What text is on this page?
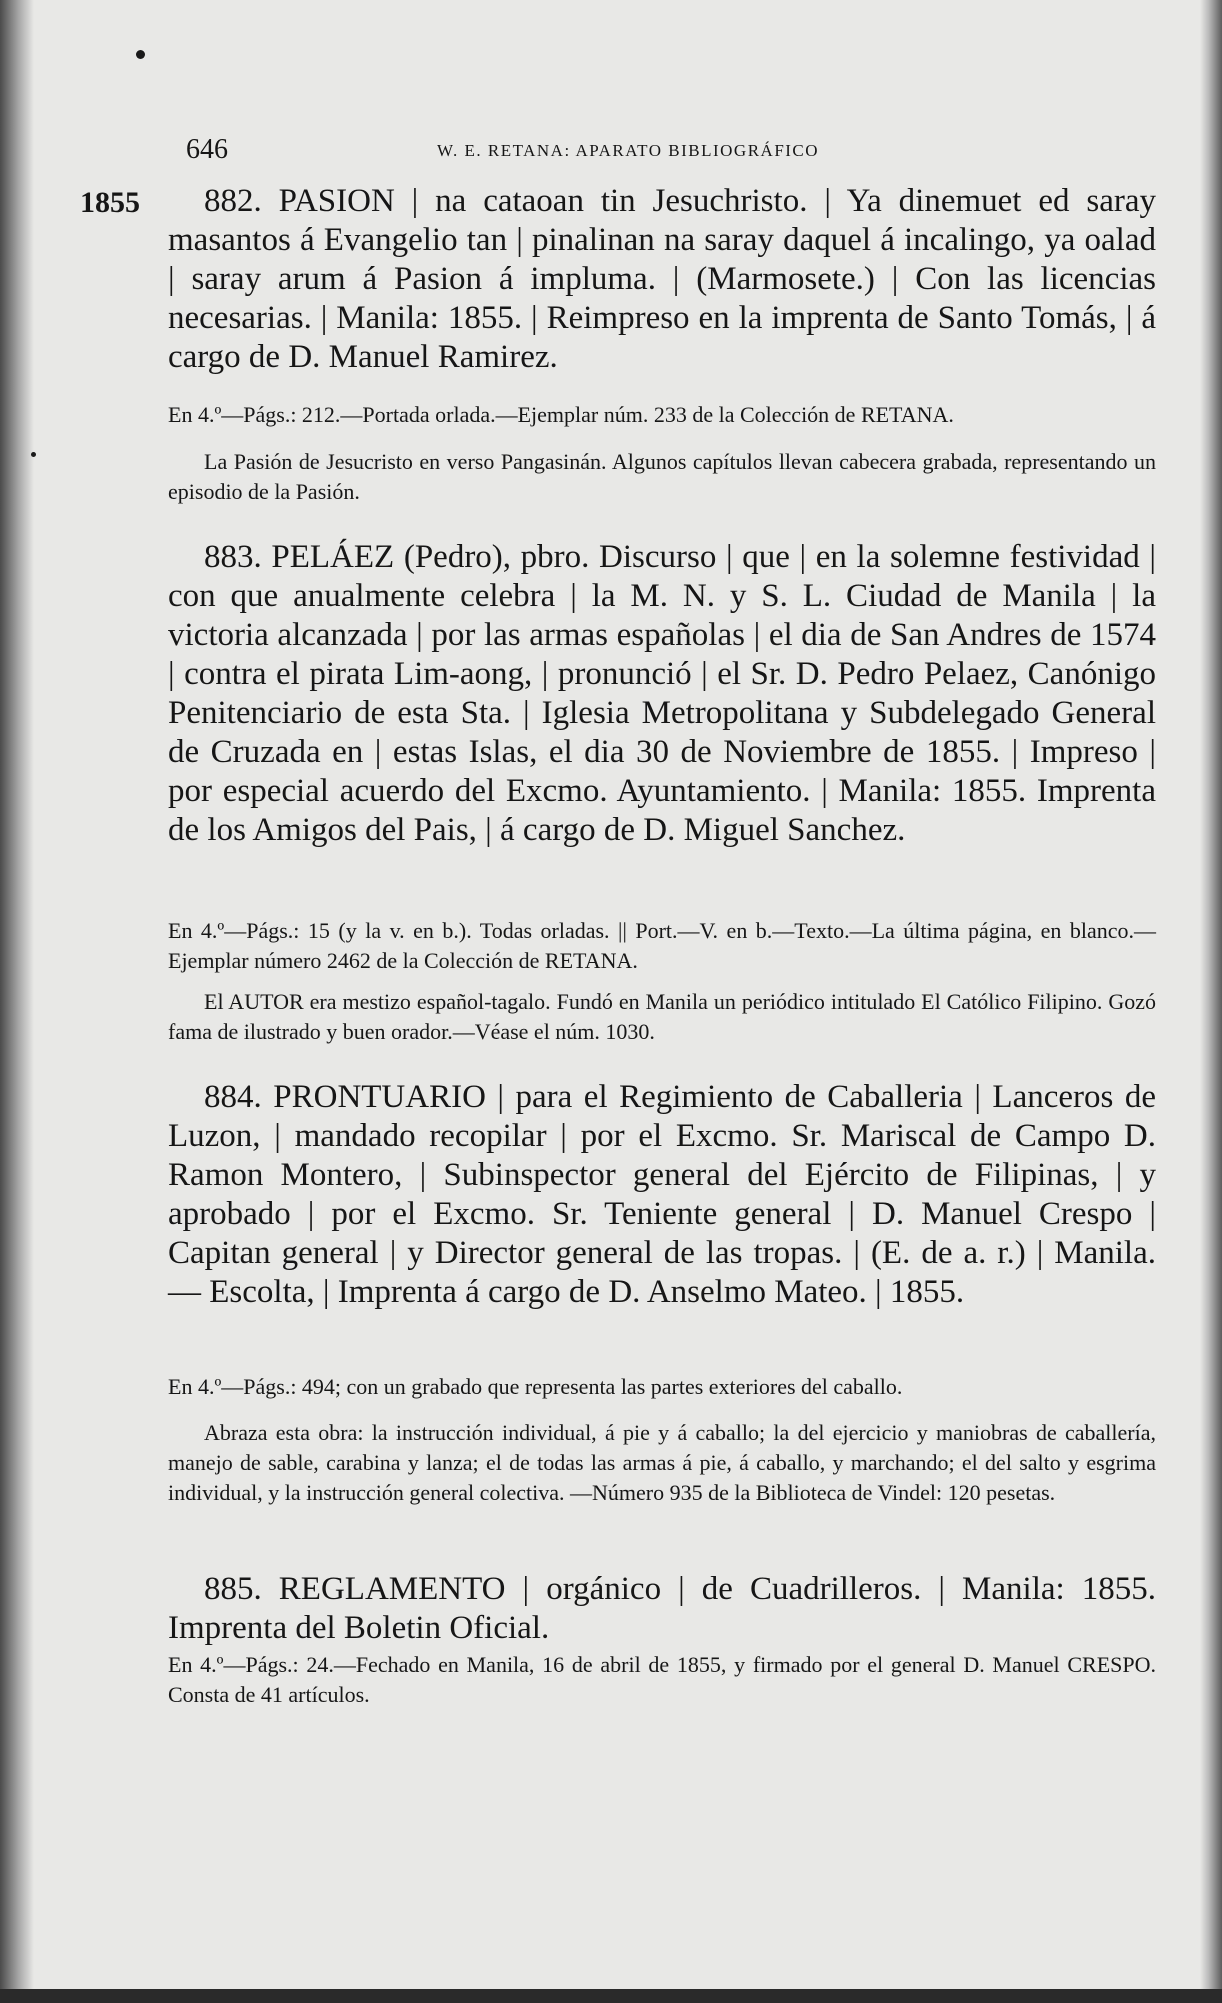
646	W. E. RETANA: APARATO BIBLIOGRÁFICO
1855	882. PASION | na cataoan tin Jesuchristo. | Ya dinemuet ed saray masantos á Evangelio tan | pinalinan na saray daquel á incalingo, ya oalad | saray arum á Pasion á impluma. | (Marmosete.) | Con las licencias necesarias. | Manila: 1855. | Reimpreso en la imprenta de Santo Tomás, | á cargo de D. Manuel Ramirez.
En 4.º—Págs.: 212.—Portada orlada.—Ejemplar núm. 233 de la Colección de RETANA.
La Pasión de Jesucristo en verso Pangasinán. Algunos capítulos llevan cabecera grabada, representando un episodio de la Pasión.
883. PELÁEZ (Pedro), pbro. Discurso | que | en la solemne festividad | con que anualmente celebra | la M. N. y S. L. Ciudad de Manila | la victoria alcanzada | por las armas españolas | el dia de San Andres de 1574 | contra el pirata Lim-aong, | pronunció | el Sr. D. Pedro Pelaez, Canónigo Penitenciario de esta Sta. | Iglesia Metropolitana y Subdelegado General de Cruzada en | estas Islas, el dia 30 de Noviembre de 1855. | Impreso | por especial acuerdo del Excmo. Ayuntamiento. | Manila: 1855. Imprenta de los Amigos del Pais, | á cargo de D. Miguel Sanchez.
En 4.º—Págs.: 15 (y la v. en b.). Todas orladas. || Port.—V. en b.—Texto.—La última página, en blanco.—Ejemplar número 2462 de la Colección de RETANA.
El AUTOR era mestizo español-tagalo. Fundó en Manila un periódico intitulado El Católico Filipino. Gozó fama de ilustrado y buen orador.—Véase el núm. 1030.
884. PRONTUARIO | para el Regimiento de Caballeria | Lanceros de Luzon, | mandado recopilar | por el Excmo. Sr. Mariscal de Campo D. Ramon Montero, | Subinspector general del Ejército de Filipinas, | y aprobado | por el Excmo. Sr. Teniente general | D. Manuel Crespo | Capitan general | y Director general de las tropas. | (E. de a. r.) | Manila. — Escolta, | Imprenta á cargo de D. Anselmo Mateo. | 1855.
En 4.º—Págs.: 494; con un grabado que representa las partes exteriores del caballo.
Abraza esta obra: la instrucción individual, á pie y á caballo; la del ejercicio y maniobras de caballería, manejo de sable, carabina y lanza; el de todas las armas á pie, á caballo, y marchando; el del salto y esgrima individual, y la instrucción general colectiva. —Número 935 de la Biblioteca de Vindel: 120 pesetas.
885. REGLAMENTO | orgánico | de Cuadrilleros. | Manila: 1855. Imprenta del Boletin Oficial.
En 4.º—Págs.: 24.—Fechado en Manila, 16 de abril de 1855, y firmado por el general D. Manuel CRESPO. Consta de 41 artículos.
